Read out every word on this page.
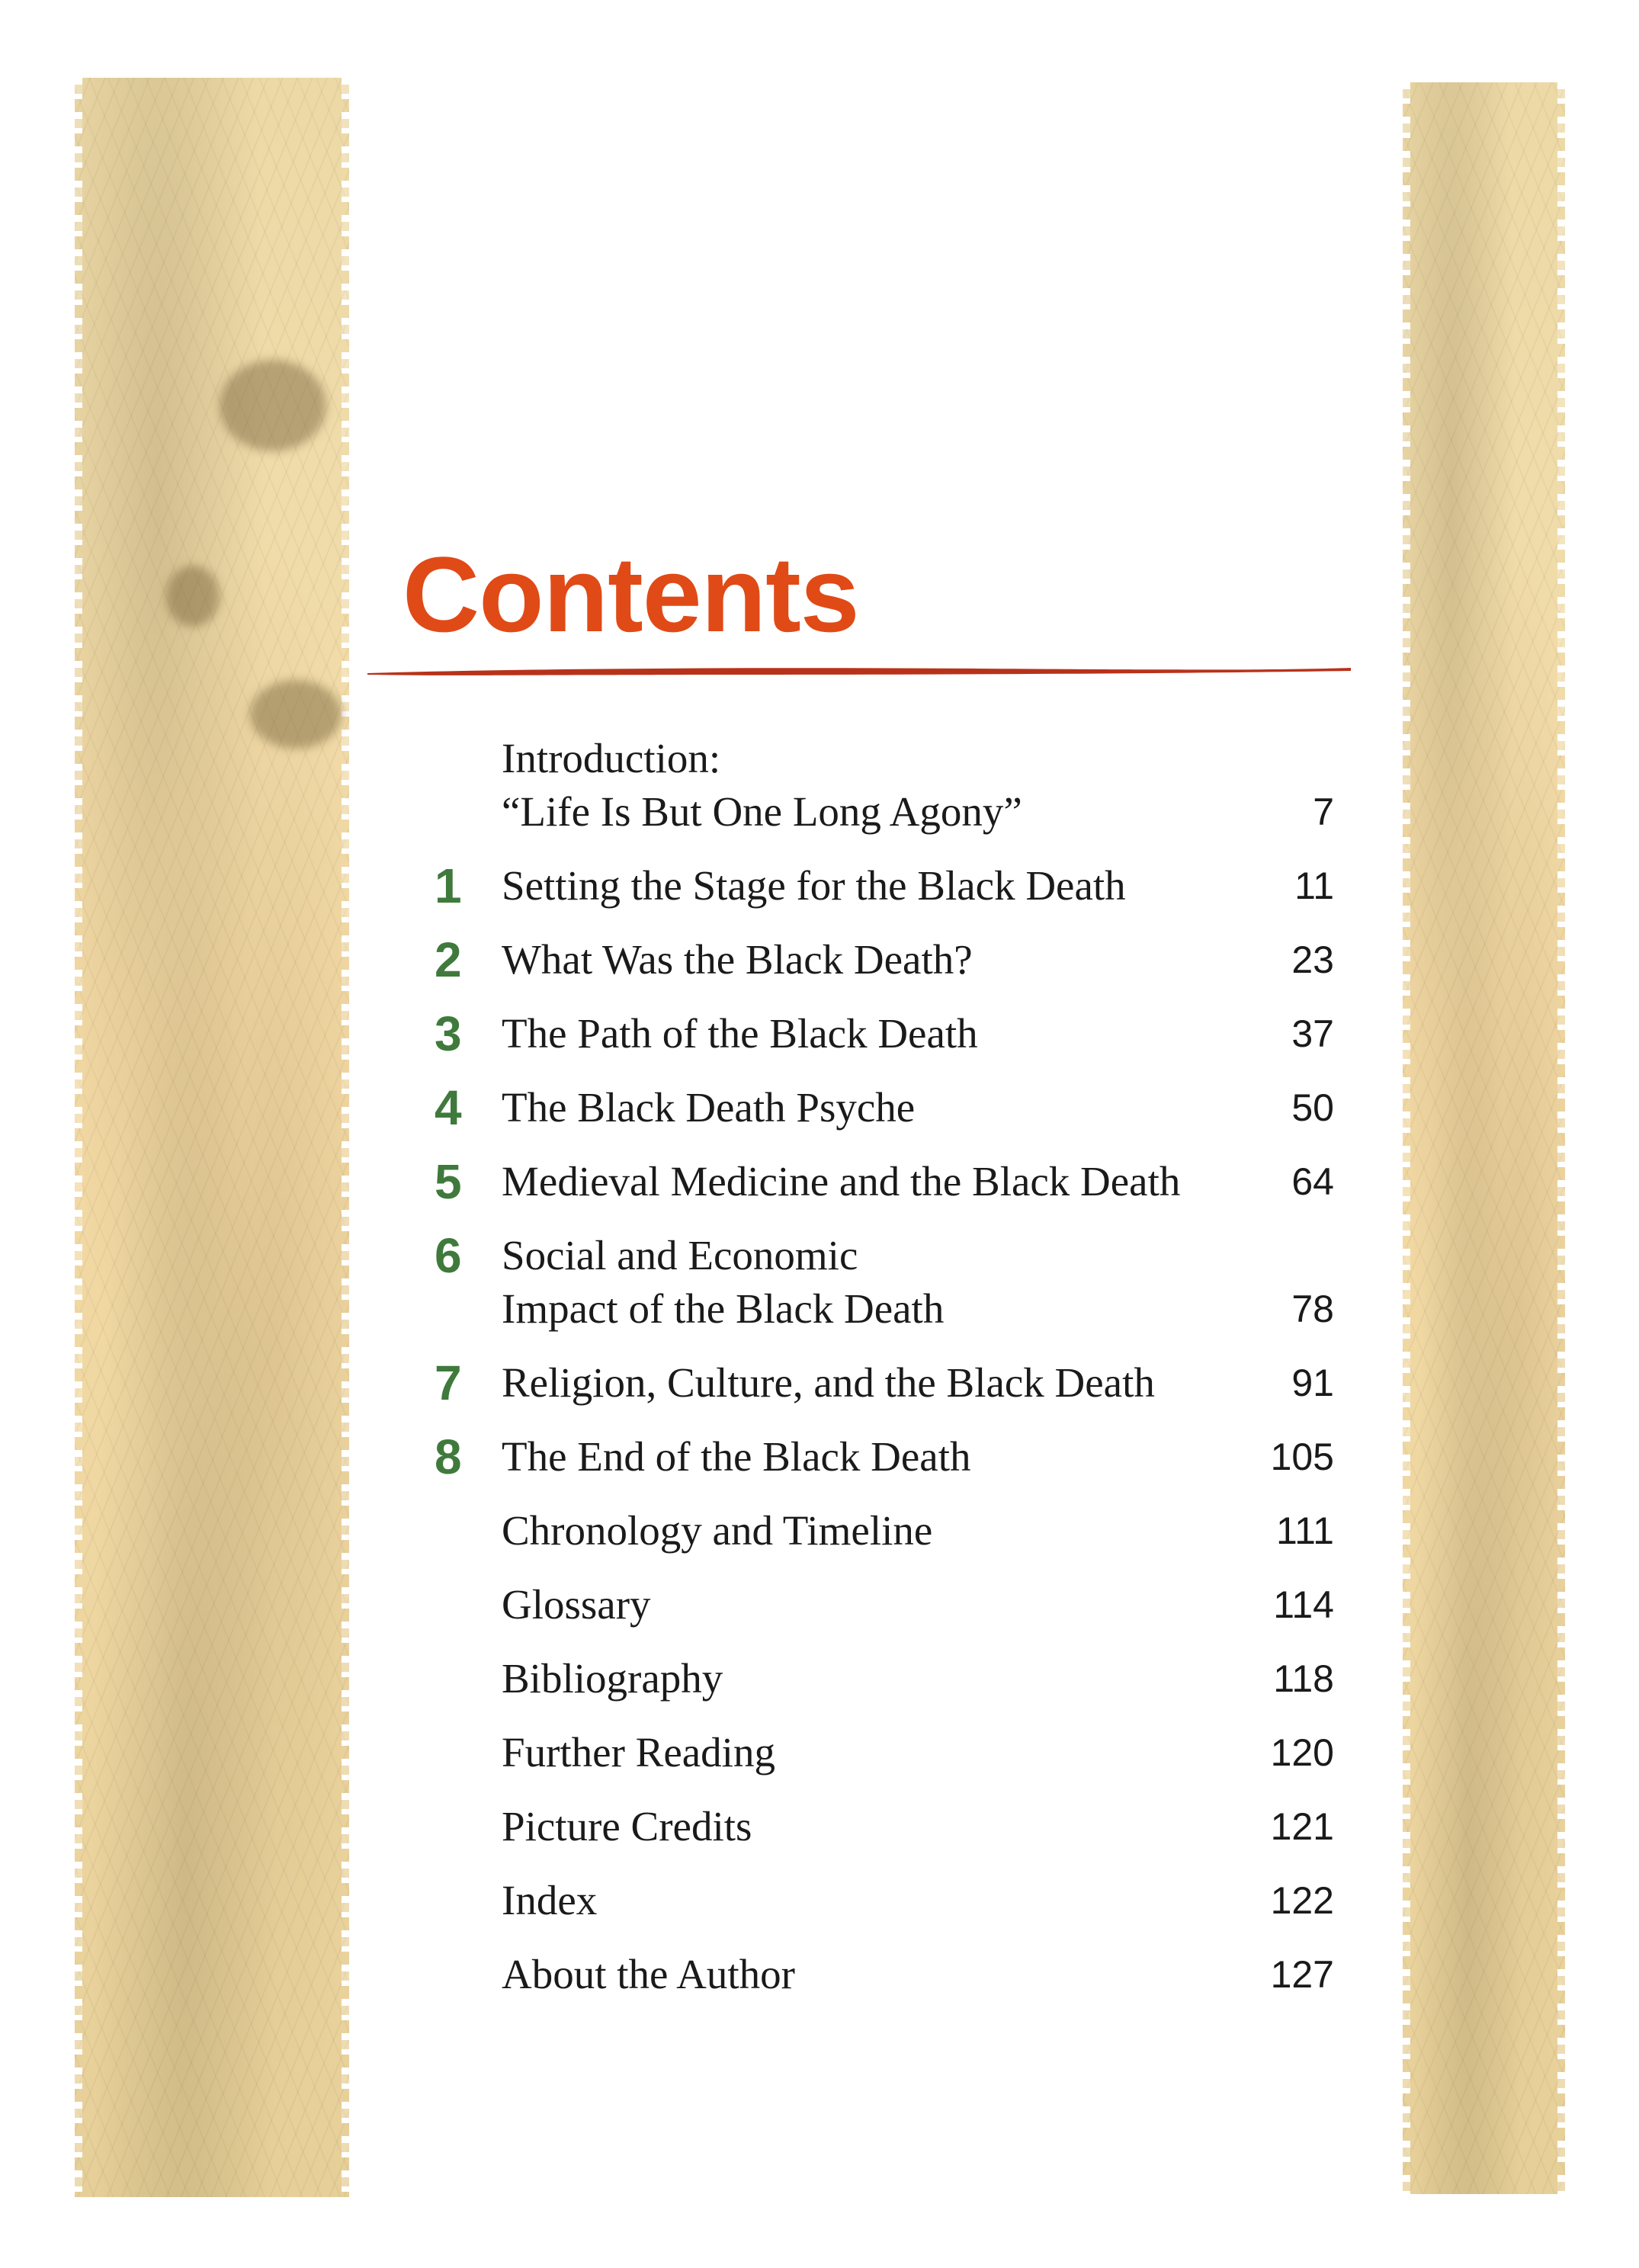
Contents
Introduction:
“Life Is But One Long Agony”	7
1 Setting the Stage for the Black Death	11
2 What Was the Black Death?	23
3 The Path of the Black Death	37
4 The Black Death Psyche	50
5 Medieval Medicine and the Black Death	64
6 Social and Economic
Impact of the Black Death	78
7 Religion, Culture, and the Black Death	91
8 The End of the Black Death	105
Chronology and Timeline	111
Glossary	114
Bibliography	118
Further Reading	120
Picture Credits	121
Index	122
About the Author	127
